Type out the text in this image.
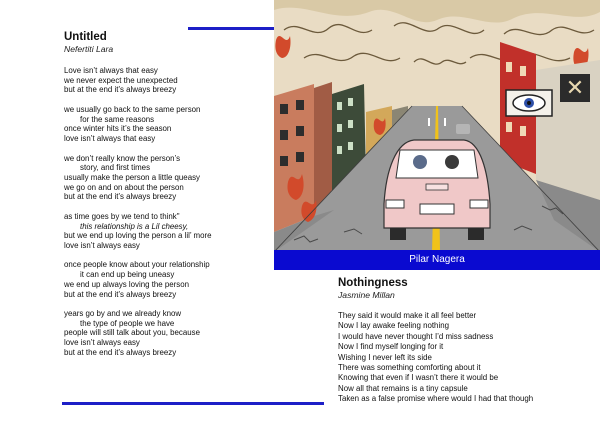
Untitled
Nefertiti Lara
Love isn’t always that easy
we never expect the unexpected
but at the end it’s always breezy
we usually go back to the same person
for the same reasons
once winter hits it’s the season
love isn’t always that easy
we don’t really know the person’s
story, and first times
usually make the person a little queasy
we go on and on about the person
but at the end it’s always breezy
as time goes by we tend to think"
this relationship is a Lil cheesy,
but we end up loving the person a lil’ more
love isn’t always easy
once people know about your relationship
it can end up being uneasy
we end up always loving the person
but at the end it’s always breezy
years go by and we already know
the type of people we have
people will still talk about you, because
love isn’t always easy
but at the end it’s always breezy
✕
Pilar Nagera
Nothingness
Jasmine Millan
They said it would make it all feel better
Now I lay awake feeling nothing
I would have never thought I’d miss sadness
Now I find myself longing for it
Wishing I never left its side
There was something comforting about it
Knowing that even if I wasn’t there it would be
Now all that remains is a tiny capsule
Taken as a false promise where would I had that though
